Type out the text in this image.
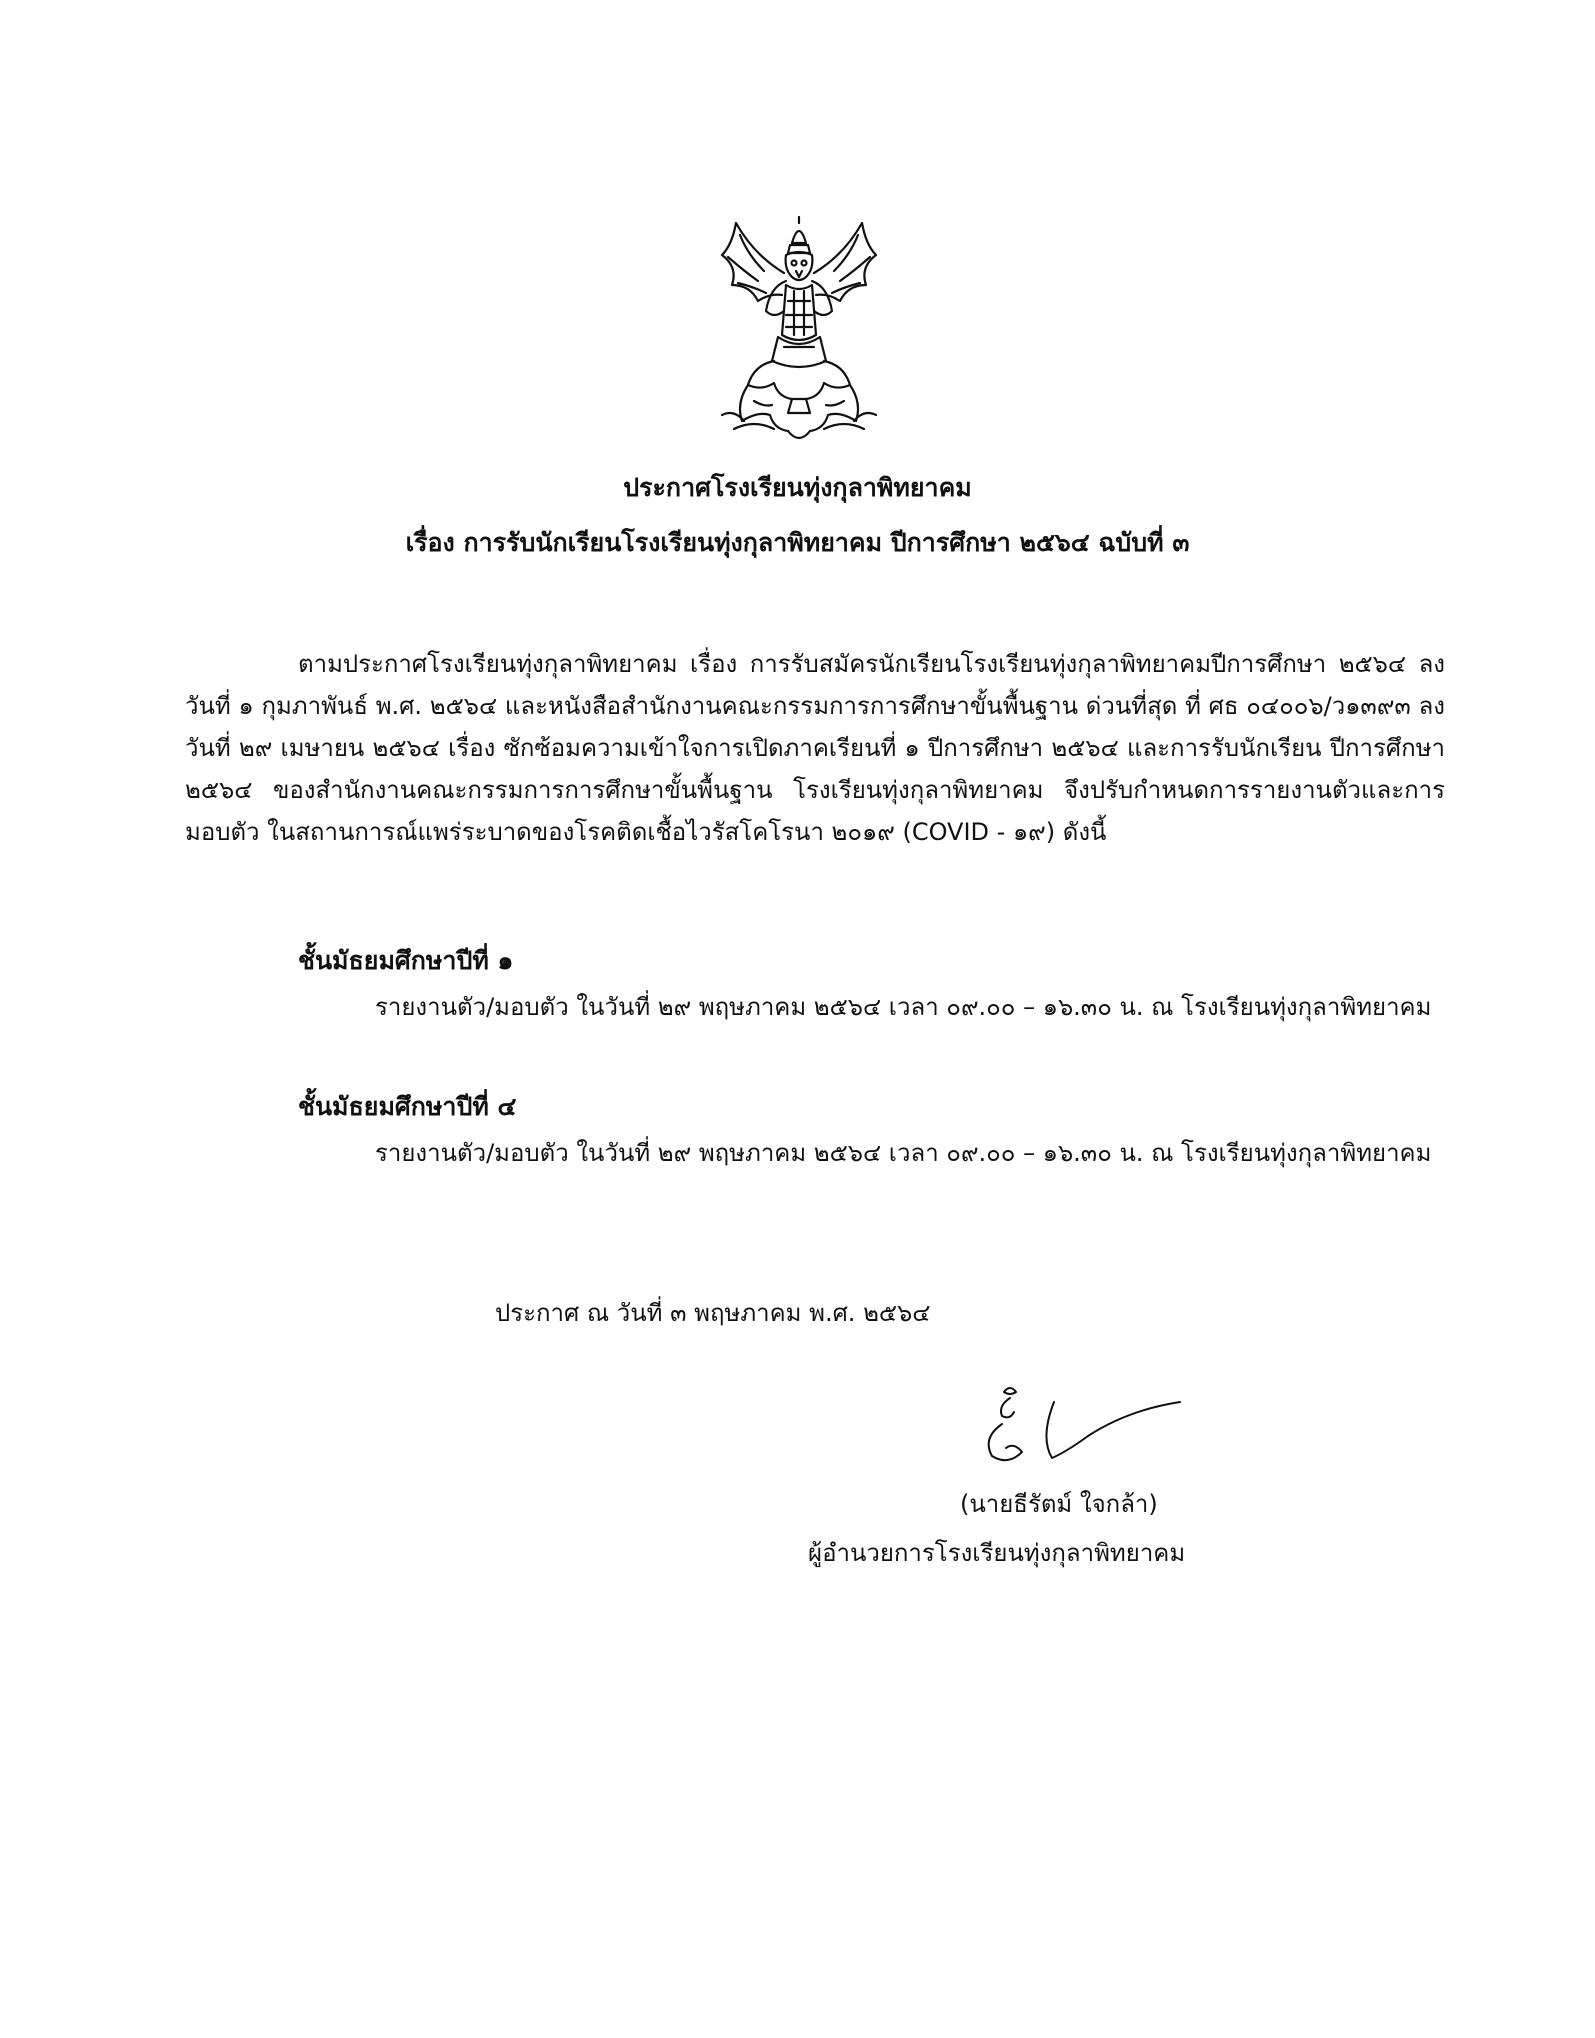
ประกาศโรงเรียนทุ่งกุลาพิทยาคม

เรื่อง การรับนักเรียนโรงเรียนทุ่งกุลาพิทยาคม ปีการศึกษา ๒๕๖๔ ฉบับที่ ๓

ตามประกาศโรงเรียนทุ่งกุลาพิทยาคม เรื่อง การรับสมัครนักเรียนโรงเรียนทุ่งกุลาพิทยาคมปีการศึกษา ๒๕๖๔ ลงวันที่ ๑ กุมภาพันธ์ พ.ศ. ๒๕๖๔ และหนังสือสำนักงานคณะกรรมการการศึกษาขั้นพื้นฐาน ด่วนที่สุด ที่ ศธ ๐๔๐๐๖/ว๑๓๙๓ ลงวันที่ ๒๙ เมษายน ๒๕๖๔ เรื่อง ซักซ้อมความเข้าใจการเปิดภาคเรียนที่ ๑ ปีการศึกษา ๒๕๖๔ และการรับนักเรียน ปีการศึกษา ๒๕๖๔ ของสำนักงานคณะกรรมการการศึกษาขั้นพื้นฐาน โรงเรียนทุ่งกุลาพิทยาคม จึงปรับกำหนดการรายงานตัวและการมอบตัว ในสถานการณ์แพร่ระบาดของโรคติดเชื้อไวรัสโคโรนา ๒๐๑๙ (COVID - ๑๙) ดังนี้

ชั้นมัธยมศึกษาปีที่ ๑

รายงานตัว/มอบตัว ในวันที่ ๒๙ พฤษภาคม ๒๕๖๔ เวลา ๐๙.๐๐ – ๑๖.๓๐ น. ณ โรงเรียนทุ่งกุลาพิทยาคม

ชั้นมัธยมศึกษาปีที่ ๔

รายงานตัว/มอบตัว ในวันที่ ๒๙ พฤษภาคม ๒๕๖๔ เวลา ๐๙.๐๐ – ๑๖.๓๐ น. ณ โรงเรียนทุ่งกุลาพิทยาคม

ประกาศ ณ วันที่ ๓ พฤษภาคม พ.ศ. ๒๕๖๔

(นายธีรัตม์ ใจกล้า)

ผู้อำนวยการโรงเรียนทุ่งกุลาพิทยาคม
